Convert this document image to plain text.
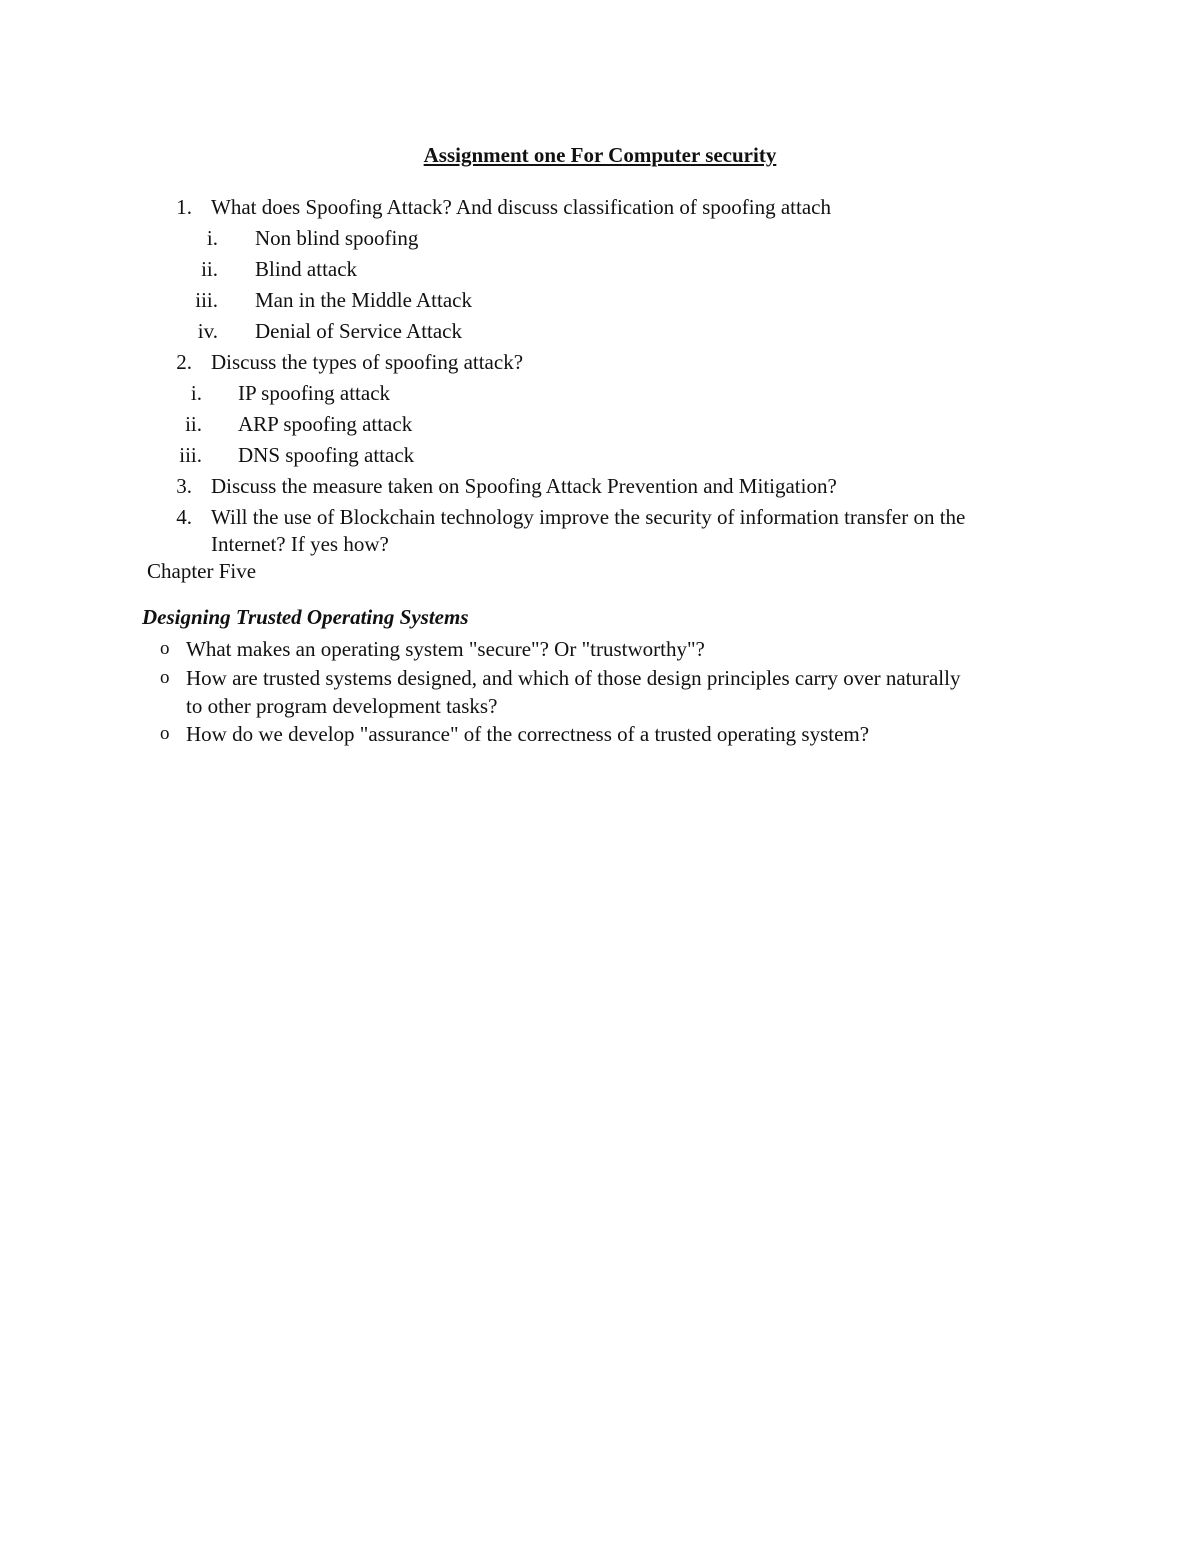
Assignment one For Computer security
1. What does Spoofing Attack? And discuss classification of spoofing attach
i. Non blind spoofing
ii. Blind attack
iii. Man in the Middle Attack
iv. Denial of Service Attack
2. Discuss the types of spoofing attack?
i. IP spoofing attack
ii. ARP spoofing attack
iii. DNS spoofing attack
3. Discuss the measure taken on Spoofing Attack Prevention and Mitigation?
4. Will the use of Blockchain technology improve the security of information transfer on the
Internet? If yes how?
Chapter Five
Designing Trusted Operating Systems
o What makes an operating system "secure"? Or "trustworthy"?
o How are trusted systems designed, and which of those design principles carry over naturally
to other program development tasks?
o How do we develop "assurance" of the correctness of a trusted operating system?
